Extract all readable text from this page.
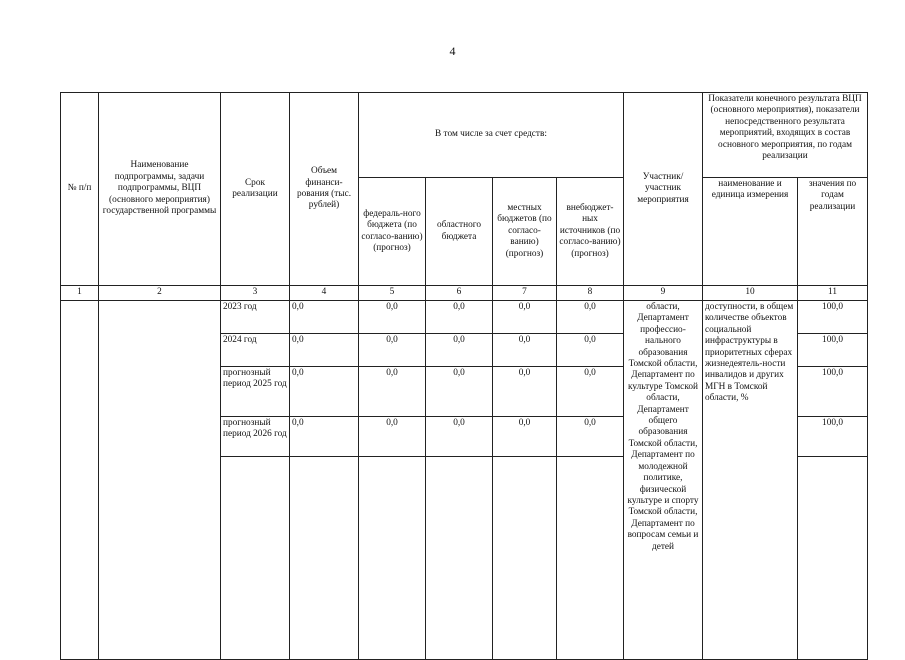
4
№ п/п	Наименование подпрограммы, задачи подпрограммы, ВЦП (основного мероприятия) государственной программы	Срок реализации	Объем финанси-рования (тыс. рублей)	В том числе за счет средств:				Участник/ участник мероприятия	Показатели конечного результата ВЦП (основного мероприятия), показатели непосредственного результата мероприятий, входящих в состав основного мероприятия, по годам реализации	
				федераль-ного бюджета (по согласо-ванию) (прогноз)	областного бюджета	местных бюджетов (по согласо-ванию) (прогноз)	внебюджет-ных источников (по согласо-ванию) (прогноз)		наименование и единица измерения	значения по годам реализации
1	2	3	4	5	6	7	8	9	10	11
		2023 год	0,0	0,0	0,0	0,0	0,0	области, Департамент профессио-нального образования Томской области, Департамент по культуре Томской области, Департамент общего образования Томской области, Департамент по молодежной политике, физической культуре и спорту Томской области, Департамент по вопросам семьи и детей	доступности, в общем количестве объектов социальной инфраструктуры в приоритетных сферах жизнедеятель-ности инвалидов и других МГН в Томской области, %	100,0
		2024 год	0,0	0,0	0,0	0,0	0,0			100,0
		прогнозный период 2025 год	0,0	0,0	0,0	0,0	0,0			100,0
		прогнозный период 2026 год	0,0	0,0	0,0	0,0	0,0			100,0
